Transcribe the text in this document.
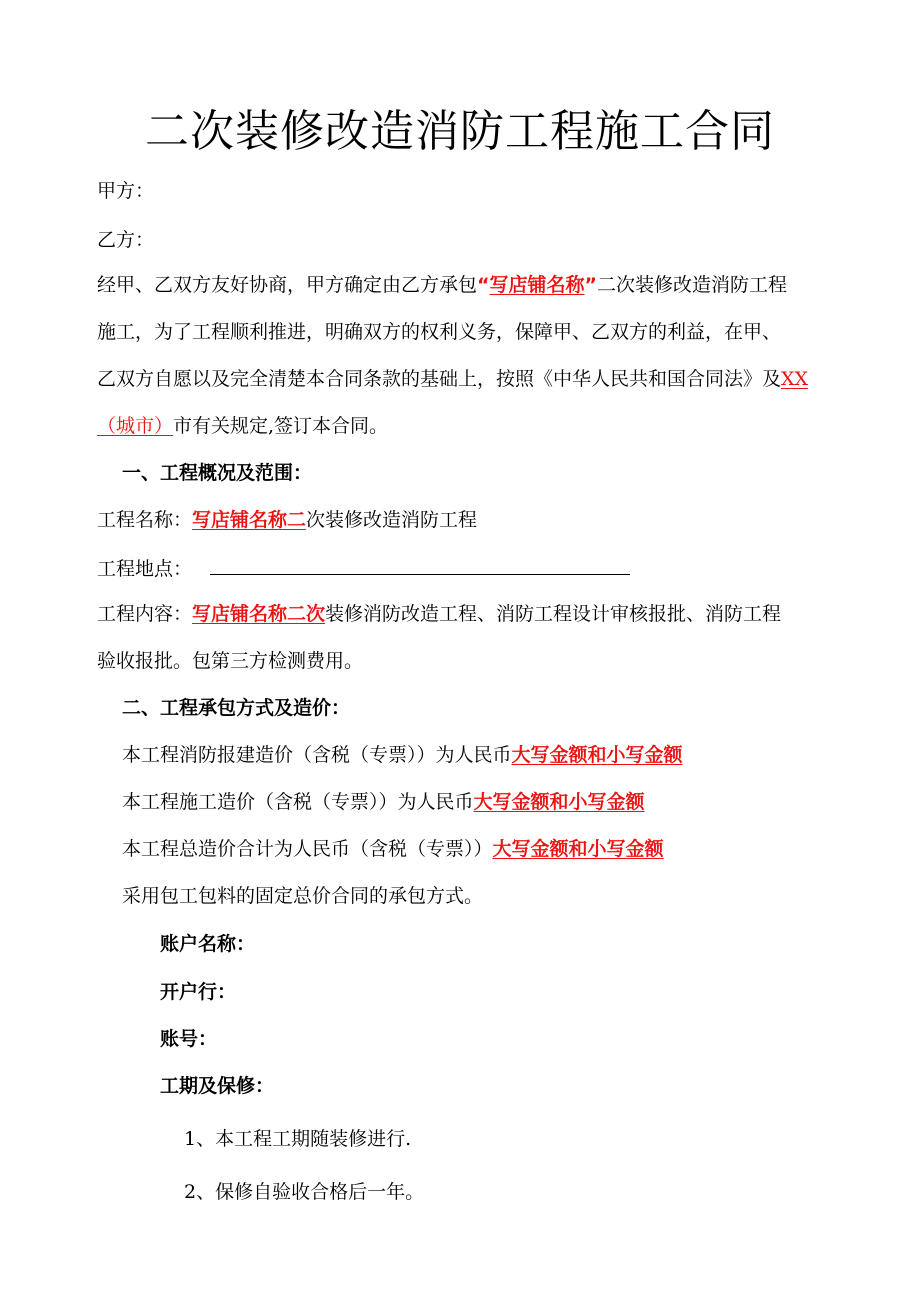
二次装修改造消防工程施工合同
甲方：
乙方：
经甲、乙双方友好协商，甲方确定由乙方承包“写店铺名称”二次装修改造消防工程
施工，为了工程顺利推进，明确双方的权利义务，保障甲、乙双方的利益，在甲、
乙双方自愿以及完全清楚本合同条款的基础上，按照《中华人民共和国合同法》及XX
（城市）市有关规定,签订本合同。
一、工程概况及范围：
工程名称：写店铺名称二次装修改造消防工程
工程地点：
工程内容：写店铺名称二次装修消防改造工程、消防工程设计审核报批、消防工程
验收报批。包第三方检测费用。
二、工程承包方式及造价：
本工程消防报建造价（含税（专票））为人民币大写金额和小写金额
本工程施工造价（含税（专票））为人民币大写金额和小写金额
本工程总造价合计为人民币（含税（专票））大写金额和小写金额
采用包工包料的固定总价合同的承包方式。
账户名称：
开户行：
账号：
工期及保修：
1、本工程工期随装修进行.
2、保修自验收合格后一年。
